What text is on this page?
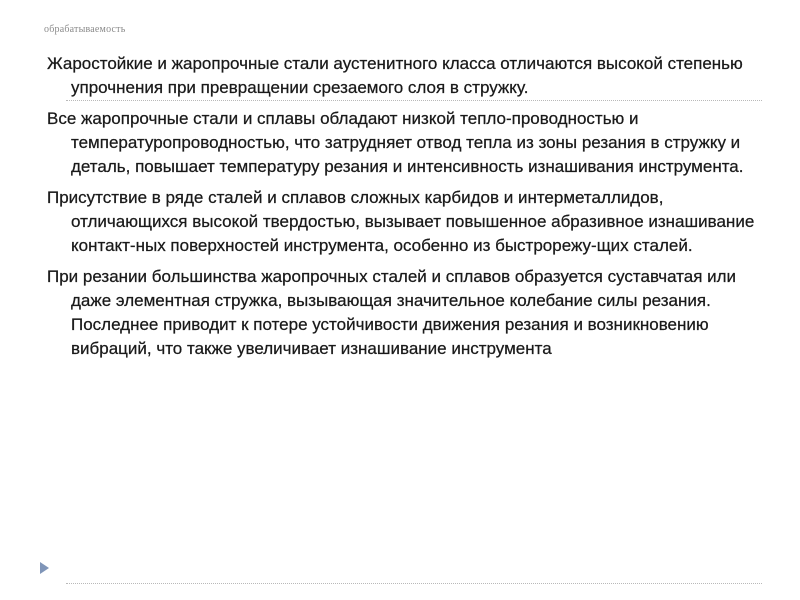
обрабатываемость

Жаростойкие и жаропрочные стали аустенитного класса отличаются высокой степенью упрочнения при превращении срезаемого слоя в стружку.

Все жаропрочные стали и сплавы обладают низкой тепло-проводностью и температуропроводностью, что затрудняет отвод тепла из зоны резания в стружку и деталь, повышает температуру резания и интенсивность изнашивания инструмента.

Присутствие в ряде сталей и сплавов сложных карбидов и интерметаллидов, отличающихся высокой твердостью, вызывает повышенное абразивное изнашивание контакт-ных поверхностей инструмента, особенно из быстрорежу-щих сталей.

При резании большинства жаропрочных сталей и сплавов образуется суставчатая или даже элементная стружка, вызывающая значительное колебание силы резания. Последнее приводит к потере устойчивости движения резания и возникновению вибраций, что также увеличивает изнашивание инструмента
